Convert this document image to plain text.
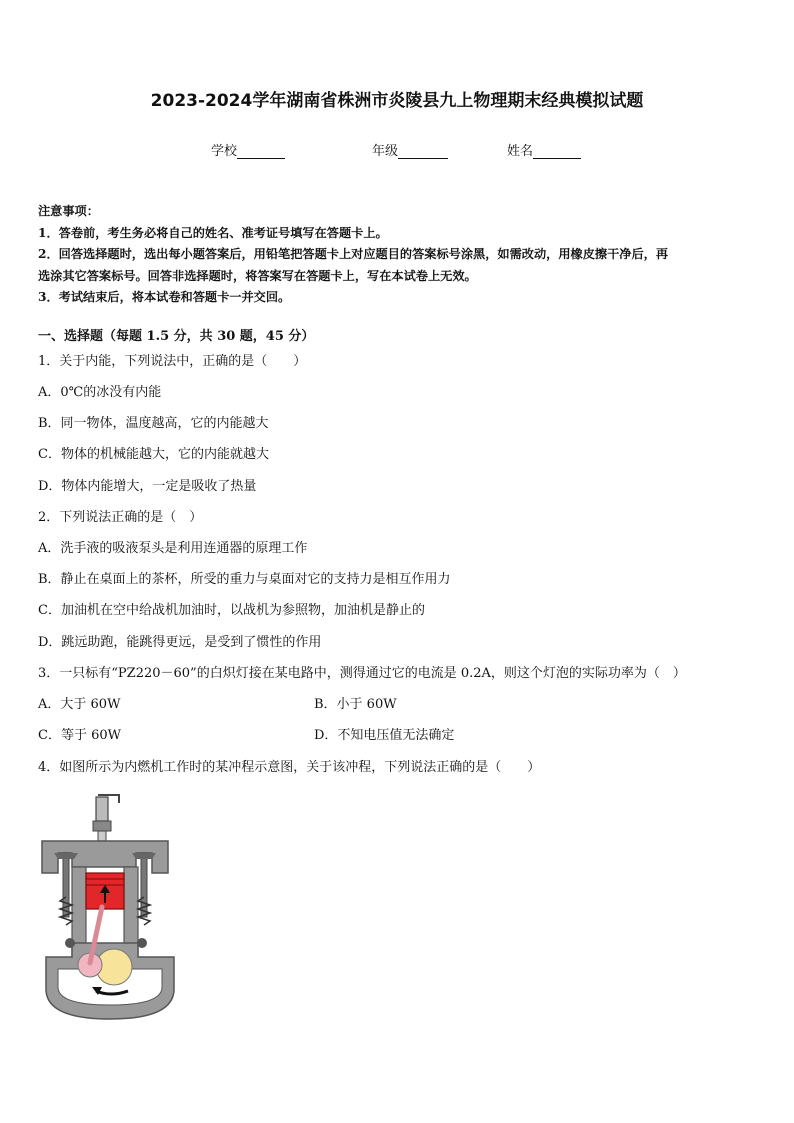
2023-2024学年湖南省株洲市炎陵县九上物理期末经典模拟试题
学校	年级	姓名
注意事项：
1．答卷前，考生务必将自己的姓名、准考证号填写在答题卡上。
2．回答选择题时，选出每小题答案后，用铅笔把答题卡上对应题目的答案标号涂黑，如需改动，用橡皮擦干净后，再
选涂其它答案标号。回答非选择题时，将答案写在答题卡上，写在本试卷上无效。
3．考试结束后，将本试卷和答题卡一并交回。
一、选择题（每题 1.5 分，共 30 题，45 分）
1．关于内能，下列说法中，正确的是（　　）
A．0℃的冰没有内能
B．同一物体，温度越高，它的内能越大
C．物体的机械能越大，它的内能就越大
D．物体内能增大，一定是吸收了热量
2．下列说法正确的是（　）
A．洗手液的吸液泵头是利用连通器的原理工作
B．静止在桌面上的茶杯，所受的重力与桌面对它的支持力是相互作用力
C．加油机在空中给战机加油时，以战机为参照物，加油机是静止的
D．跳远助跑，能跳得更远，是受到了惯性的作用
3．一只标有“PZ220－60”的白炽灯接在某电路中，测得通过它的电流是 0.2A，则这个灯泡的实际功率为（　）
A．大于 60W	B．小于 60W
C．等于 60W	D．不知电压值无法确定
4．如图所示为内燃机工作时的某冲程示意图，关于该冲程，下列说法正确的是（　　）
